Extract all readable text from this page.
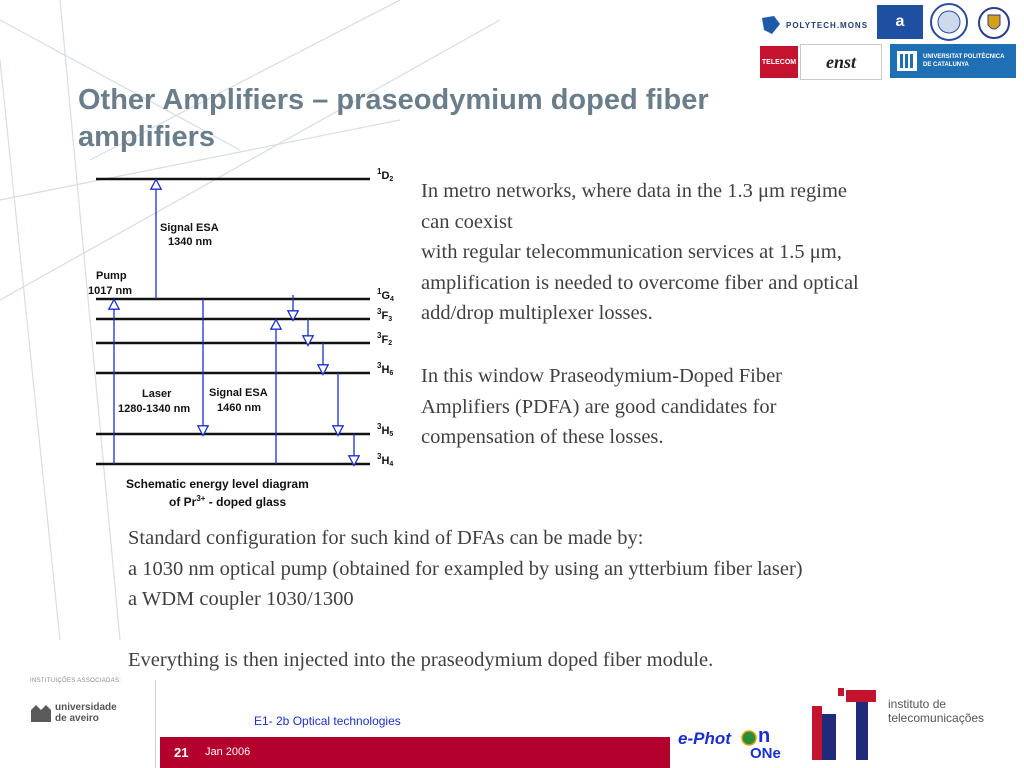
POLYTECH.MONS a
TELECOM enst	UNIVERSITAT POLITÈCNICA DE CATALUNYA
Other Amplifiers – praseodymium doped fiber amplifiers
1D2
1G4
3F3
3F2
3H6
3H5
3H4
Signal ESA
1340 nm
Pump
1017 nm
Laser
1280-1340 nm
Signal ESA
1460 nm
Schematic energy level diagram
of $Pr^{3+}$ - doped glass
In metro networks, where data in the 1.3 μm regime
can coexist
with regular telecommunication services at 1.5 μm,
amplification is needed to overcome fiber and optical
add/drop multiplexer losses.
In this window Praseodymium-Doped Fiber
Amplifiers (PDFA) are good candidates for
compensation of these losses.
Standard configuration for such kind of DFAs can be made by:
a 1030 nm optical pump (obtained for exampled by using an ytterbium fiber laser)
a WDM coupler 1030/1300
Everything is then injected into the praseodymium doped fiber module.
INSTITUIÇÕES ASSOCIADAS:
universidade
de aveiro	E1- 2b Optical technologies
21 Jan 2006
e-Phot n
ONe
instituto de
telecomunicações
